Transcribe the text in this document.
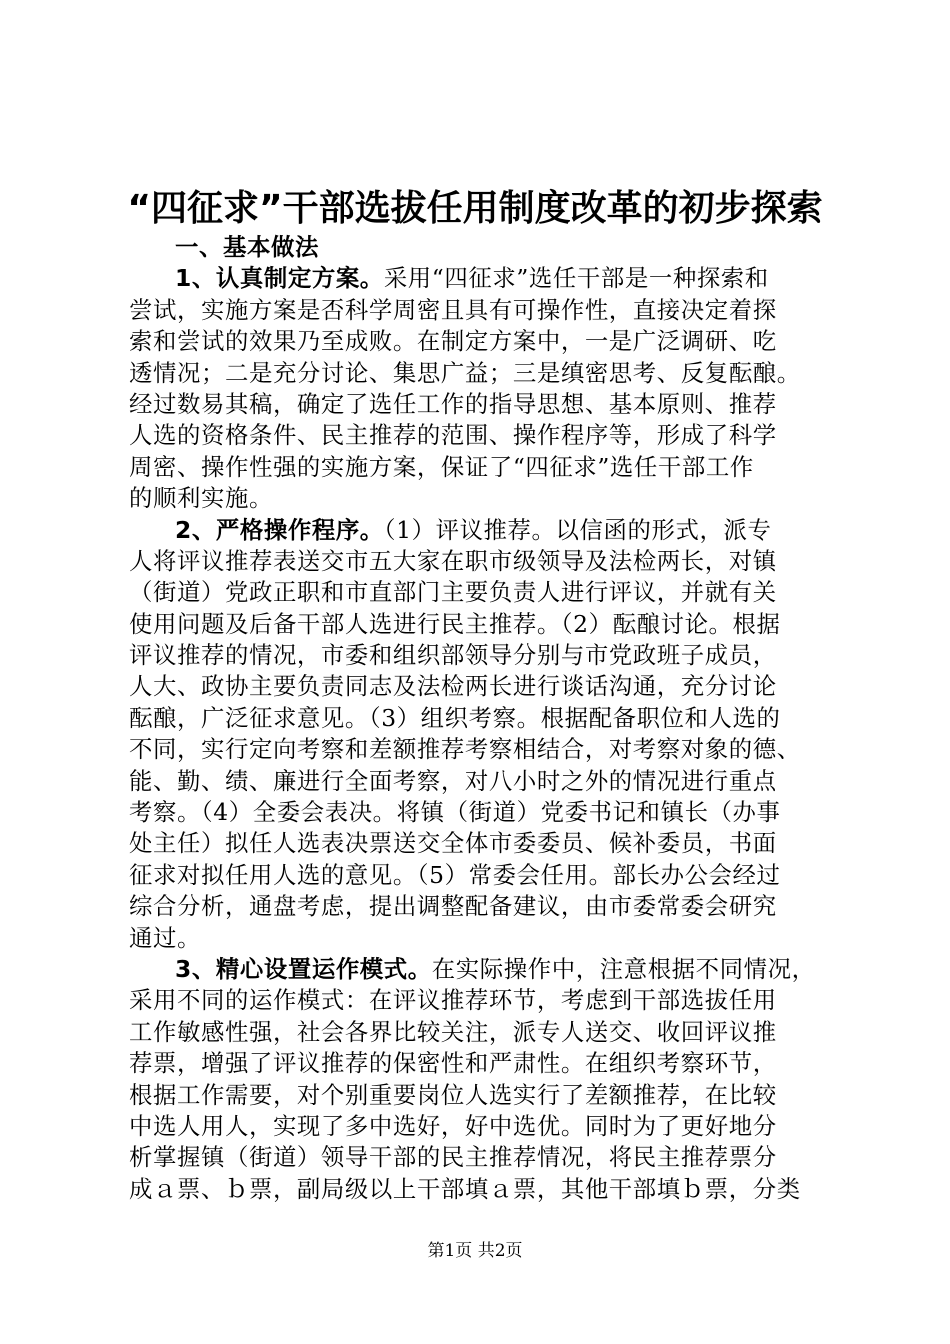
“四征求”干部选拔任用制度改革的初步探索
一、基本做法
1、认真制定方案。采用“四征求”选任干部是一种探索和
尝试，实施方案是否科学周密且具有可操作性，直接决定着探
索和尝试的效果乃至成败。在制定方案中，一是广泛调研、吃
透情况；二是充分讨论、集思广益；三是缜密思考、反复酝酿。
经过数易其稿，确定了选任工作的指导思想、基本原则、推荐
人选的资格条件、民主推荐的范围、操作程序等，形成了科学
周密、操作性强的实施方案，保证了“四征求”选任干部工作
的顺利实施。
2、严格操作程序。（1）评议推荐。以信函的形式，派专
人将评议推荐表送交市五大家在职市级领导及法检两长，对镇
（街道）党政正职和市直部门主要负责人进行评议，并就有关
使用问题及后备干部人选进行民主推荐。（2）酝酿讨论。根据
评议推荐的情况，市委和组织部领导分别与市党政班子成员，
人大、政协主要负责同志及法检两长进行谈话沟通，充分讨论
酝酿，广泛征求意见。（3）组织考察。根据配备职位和人选的
不同，实行定向考察和差额推荐考察相结合，对考察对象的德、
能、勤、绩、廉进行全面考察，对八小时之外的情况进行重点
考察。（4）全委会表决。将镇（街道）党委书记和镇长（办事
处主任）拟任人选表决票送交全体市委委员、候补委员，书面
征求对拟任用人选的意见。（5）常委会任用。部长办公会经过
综合分析，通盘考虑，提出调整配备建议，由市委常委会研究
通过。
3、精心设置运作模式。在实际操作中，注意根据不同情况，
采用不同的运作模式：在评议推荐环节，考虑到干部选拔任用
工作敏感性强，社会各界比较关注，派专人送交、收回评议推
荐票，增强了评议推荐的保密性和严肃性。在组织考察环节，
根据工作需要，对个别重要岗位人选实行了差额推荐，在比较
中选人用人，实现了多中选好，好中选优。同时为了更好地分
析掌握镇（街道）领导干部的民主推荐情况，将民主推荐票分
成ａ票、ｂ票，副局级以上干部填ａ票，其他干部填ｂ票，分类
第1页 共2页
